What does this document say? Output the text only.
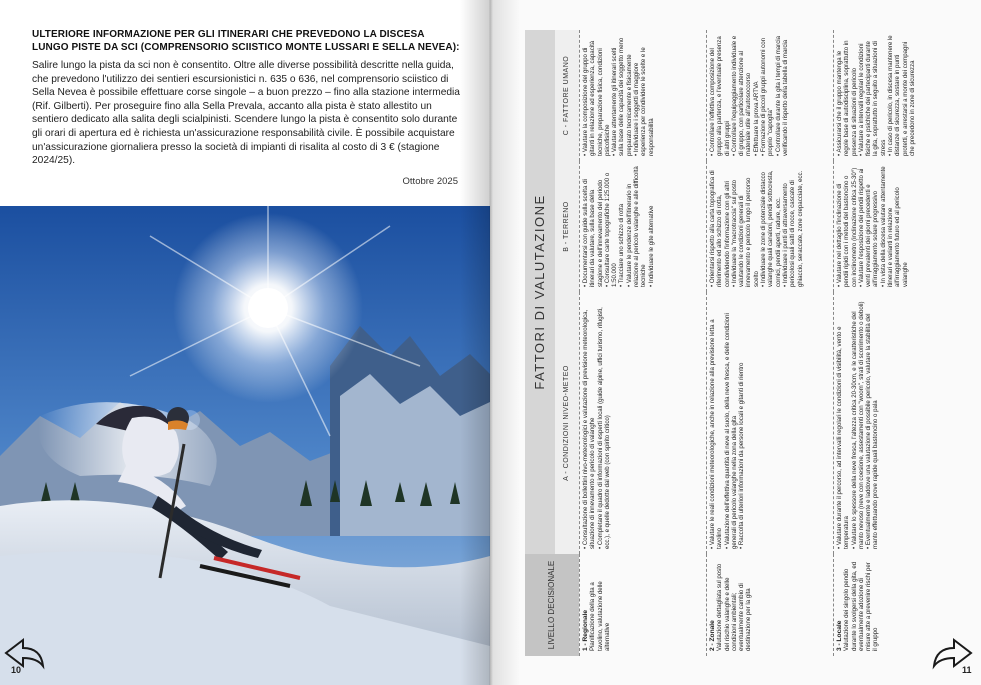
ULTERIORE INFORMAZIONE PER GLI ITINERARI CHE PREVEDONO LA DISCESA LUNGO PISTE DA SCI (COMPRENSORIO SCIISTICO MONTE LUSSARI E SELLA NEVEA):
Salire lungo la pista da sci non è consentito. Oltre alle diverse possibilità descritte nella guida, che prevedono l'utilizzo dei sentieri escursionistici n. 635 o 636, nel comprensorio sciistico di Sella Nevea è possibile effettuare corse singole – a buon prezzo – fino alla stazione intermedia (Rif. Gilberti). Per proseguire fino alla Sella Prevala, accanto alla pista è stato allestito un sentiero dedicato alla salita degli scialpinisti. Scendere lungo la pista è consentito solo durante gli orari di apertura ed è richiesta un'assicurazione responsabilità civile. È possibile acquistare un'assicurazione giornaliera presso la società di impianti di risalita al costo di 3 € (stagione 2024/25).
Ottobre 2025
10	11
LIVELLO DECISIONALE
FATTORI DI VALUTAZIONE
A - CONDIZIONI NIVEO-METEO
B - TERRENO
C - FATTORE UMANO
1 - Regionale Pianificazione della gita a tavolino, valutazione delle alternative
• Consultazione di bollettini nivo-meteorologici e valutazione di previsione meteorologica, situazione di innevamento e pericolo di valanghe
• Completare il quadro di informazioni di esperti locali (guide alpine, uffici turismo, rifugisti, ecc.), e quelle dedotte dal web (con spirito critico)
• Documentarsi con guide sulla scelta di itinerari da valutare, sulla base della stagione e dell'innevamento del periodo
• Consultare carte topografiche 1:25.000 o 1:50.000
• Tracciare uno schizzo di rotta
• Valutare le pendenze dell'itinerario in relazione al pericolo valanghe e alle difficoltà tecniche
• Individuare le gite alternative
• Valutare la composizione del gruppo di gitanti in relazione ad esperienza, capacità tecniche, preparazione fisica, condizioni psicofisiche
• Valutare attentamente gli itinerari scelti sulla base delle capacità dei soggetto meno preparato tecnicamente e fisicamente
• Individuare i soggetti di maggiore esperienza per condividere le scelte e le responsabilità
2 - Zonale Valutazione dettagliata sul posto del rischio valanghe e delle condizioni ambientali; eventualmente cambio di destinazione per la gita
• Valutare le reali condizioni meteorologiche, anche in relazione alla previsione letta a tavolino
• Valutazione dell'effettiva quantità di neve al suolo, della neve fresca, e delle condizioni generali di pericolo valanghe nella zona della gita
• Raccolta di ulteriori informazioni da persone locali e gitanti di rientro
• Orientarsi rispetto alla carta topografica di riferimento ed allo schizzo di rotta, condividendo l'informazione con gli altri
• Individuare la "macrotraccia" sul posto valutando le condizioni generali di innevamento e pericolo lungo il percorso scelto
• Individuare le zone di potenziale distacco valanghe quali canaloni, pendii sottocresta, cornici, pendii aperti, radure, ecc.
• Individuare i punti di attraversamento pericolosi quali salti di rocce, cascate di ghiaccio, seraccate, zone crepacciate, ecc.
• Controllare l'effettiva composizione del gruppo alla partenza, e l'eventuale presenza di altri gruppi
• Controllare l'equipaggiamento individuale e di gruppo, con particolare attenzione al materiale utile all'autosoccorso
• Effettuare la prova ARTVA
• Formazione di piccoli gruppi autonomi con proprio "capogita"
• Controllare durante la gita i tempi di marcia verificando il rispetto della tabella di marcia
3 - Locale Valutazione dei singolo pendio durante lo svolgersi della gita, ed eventualmente adozione di misure atte a prevenire rischi per il gruppo
• Valutare durante il percorso, ad intervalli regolari le condizioni di visibilità, vento e temperatura
• Valutare lo spessore della neve fresca, l'altezza critica 20-30cm, e le caratteristiche del manto nevoso (neve con coesione, assestamenti con "woom", strati di scorrimento o deboli)
• Eventualmente e laddove una valutazione di possibile pericolo, valutare la stabilità del manto effettuando prove rapide quali bastoncino o pala
• Valutare nel dettaglio l'inclinazione di pendii ripidi con i metodi del bastoncino o con inclinometro (inclinazione critica 25-30°)
• Valutare l'esposizione dei pendii rispetto ai venti prevalenti dei giorni precedenti e all'irraggiamento solare progressivo
• In vista della discesa valutare attentamente itinerari e varianti in relazione all'irraggiamento futuro ed al pericolo valanghe
• Assicurarsi che il gruppo mantenga le regole base di autodisciplina, soprattutto in presenza di situazioni di pericolo
• Valutare a intervalli regolari le condizioni fisiche e psichiche dei partecipanti durante la gita, soprattutto in seguito a situazioni di stress
• In caso di pericolo, in discesa mantenere le distanze di sicurezza, sostare in punti protetti, e arrestarsi a monte dei compagni che precedono in zone di sicurezza
